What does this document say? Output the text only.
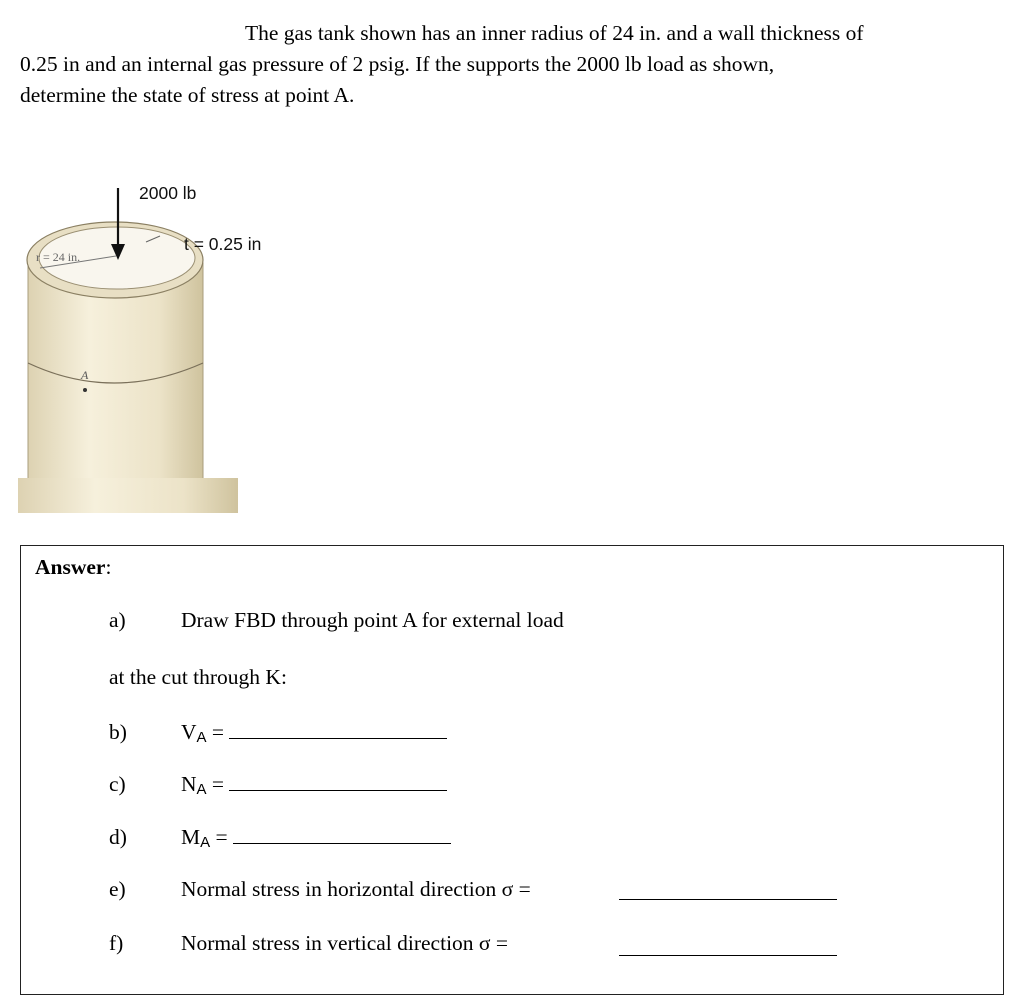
The gas tank shown has an inner radius of 24 in. and a wall thickness of
0.25 in and an internal gas pressure of 2 psig. If the supports the 2000 lb load as shown,
determine the state of stress at point A.
2000 lb
t = 0.25 in
r = 24 in.
A
Answer:
a)	Draw FBD through point A for external load
at the cut through K:
b)	VA =
c)	NA =
d)	MA =
e)	Normal stress in horizontal direction σ =
f)	Normal stress in vertical direction σ =
